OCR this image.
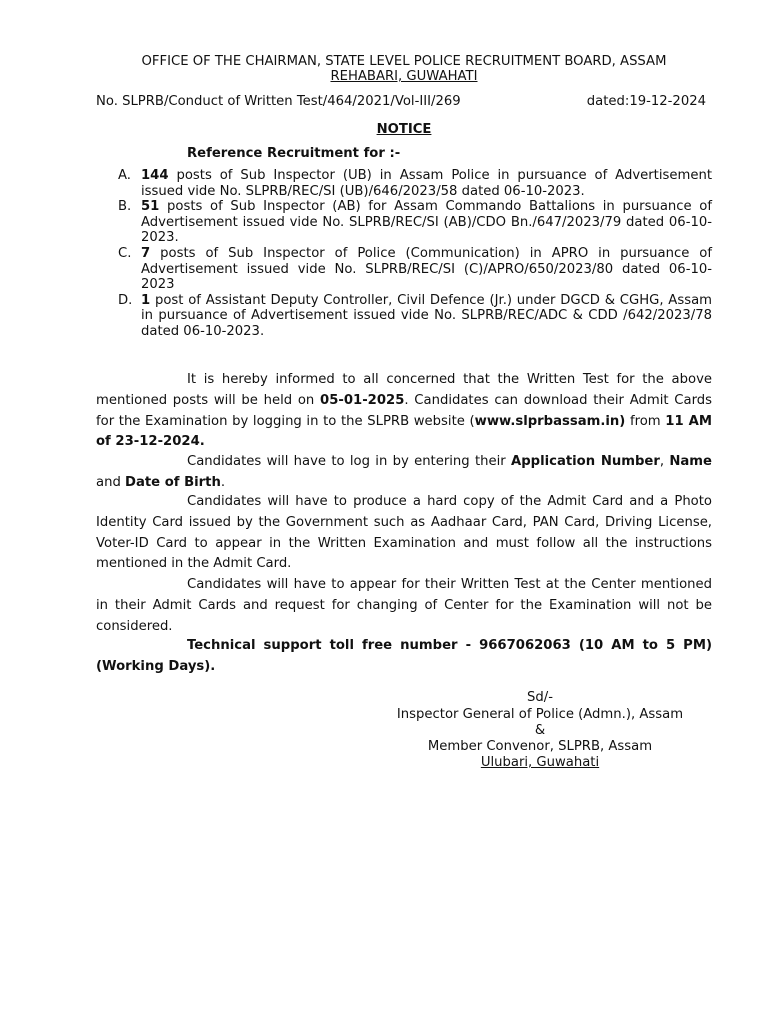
OFFICE OF THE CHAIRMAN, STATE LEVEL POLICE RECRUITMENT BOARD, ASSAM
REHABARI, GUWAHATI
No. SLPRB/Conduct of Written Test/464/2021/Vol-III/269	dated:19-12-2024
NOTICE
Reference Recruitment for :-
A. 144 posts of Sub Inspector (UB) in Assam Police in pursuance of Advertisement issued vide No. SLPRB/REC/SI (UB)/646/2023/58 dated 06-10-2023.
B. 51 posts of Sub Inspector (AB) for Assam Commando Battalions in pursuance of Advertisement issued vide No. SLPRB/REC/SI (AB)/CDO Bn./647/2023/79 dated 06-10-2023.
C. 7 posts of Sub Inspector of Police (Communication) in APRO in pursuance of Advertisement issued vide No. SLPRB/REC/SI (C)/APRO/650/2023/80 dated 06-10-2023
D. 1 post of Assistant Deputy Controller, Civil Defence (Jr.) under DGCD & CGHG, Assam in pursuance of Advertisement issued vide No. SLPRB/REC/ADC & CDD /642/2023/78 dated 06-10-2023.
It is hereby informed to all concerned that the Written Test for the above mentioned posts will be held on 05-01-2025. Candidates can download their Admit Cards for the Examination by logging in to the SLPRB website (www.slprbassam.in) from 11 AM of 23-12-2024.
Candidates will have to log in by entering their Application Number, Name and Date of Birth.
Candidates will have to produce a hard copy of the Admit Card and a Photo Identity Card issued by the Government such as Aadhaar Card, PAN Card, Driving License, Voter-ID Card to appear in the Written Examination and must follow all the instructions mentioned in the Admit Card.
Candidates will have to appear for their Written Test at the Center mentioned in their Admit Cards and request for changing of Center for the Examination will not be considered.
Technical support toll free number - 9667062063 (10 AM to 5 PM) (Working Days).
Sd/-
Inspector General of Police (Admn.), Assam
&
Member Convenor, SLPRB, Assam
Ulubari, Guwahati
